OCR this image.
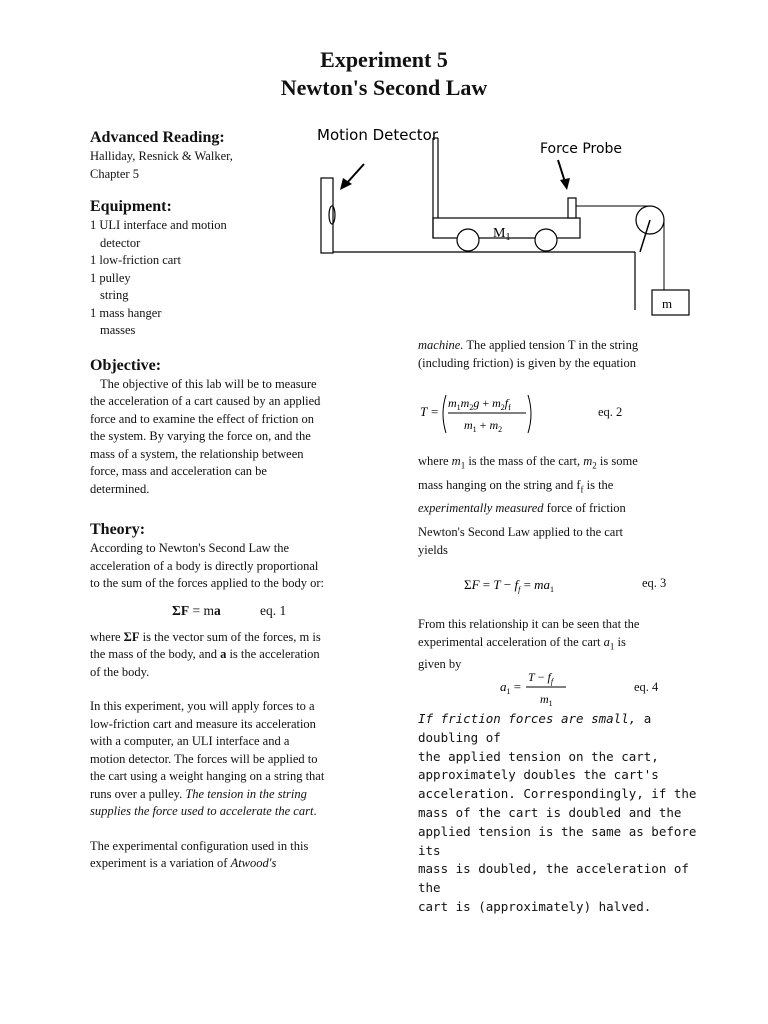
Experiment 5
Newton's Second Law
Advanced Reading:
Halliday, Resnick & Walker,
Chapter 5
Equipment:
1 ULI interface and motion
detector
1 low-friction cart
1 pulley
string
1 mass hanger
masses
Objective:
The objective of this lab will be to measure
the acceleration of a cart caused by an applied
force and to examine the effect of friction on
the system. By varying the force on, and the
mass of a system, the relationship between
force, mass and acceleration can be
determined.
Theory:
According to Newton's Second Law the
acceleration of a body is directly proportional
to the sum of the forces applied to the body or:
ΣF = ma	eq. 1
where ΣF is the vector sum of the forces, m is
the mass of the body, and a is the acceleration
of the body.
In this experiment, you will apply forces to a
low-friction cart and measure its acceleration
with a computer, an ULI interface and a
motion detector. The forces will be applied to
the cart using a weight hanging on a string that
runs over a pulley. The tension in the string
supplies the force used to accelerate the cart.
The experimental configuration used in this
experiment is a variation of Atwood's
Motion Detector
Force Probe
$M_1$
m
machine. The applied tension T in the string
(including friction) is given by the equation
T =
$m_1m_2g + m_2f_f$
$m_1 + m_2$
eq. 2
where $m_1$ is the mass of the cart, $m_2$ is some
mass hanging on the string and $f_f$ is the
experimentally measured force of friction
Newton's Second Law applied to the cart
yields
$\Sigma F = T - f_f = ma_1$	eq. 3
From this relationship it can be seen that the
experimental acceleration of the cart $a_1$ is
given by
$a_1$ =
$T - f_f$
$m_1$
eq. 4
If friction forces are small, a doubling of
the applied tension on the cart,
approximately doubles the cart's
acceleration. Correspondingly, if the
mass of the cart is doubled and the
applied tension is the same as before its
mass is doubled, the acceleration of the
cart is (approximately) halved.
